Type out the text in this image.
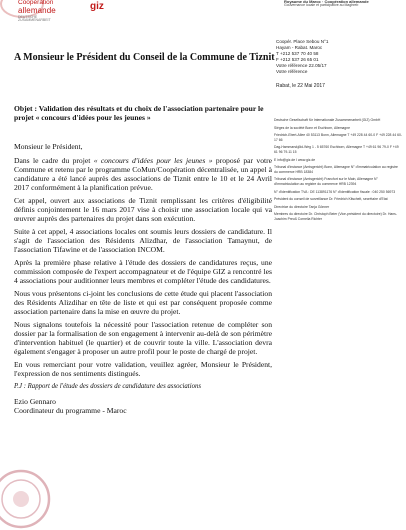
Coopération
allemande
DEUTSCHE ZUSAMMENARBEIT
giz	Royaume du Maroc · Coopération allemande
Gouvernance locale et participative au Maghreb
A Monsieur le Président du Conseil de la Commune de Tiznit
Coopér. Place Sebou N°1
Hayam - Rabat. Maroc
T +212 537 70 40 58
F +212 537 26 65 01
Votre référence 22.05/17
Votre référence
Rabat, le 22 Mai 2017
Objet : Validation des résultats et du choix de l'association partenaire pour le projet « concours d'idées pour les jeunes »

Monsieur le Président,

Dans le cadre du projet « concours d'idées pour les jeunes » proposé par votre Commune et retenu par le programme CoMun/Coopération décentralisée, un appel à candidature a été lancé auprès des associations de Tiznit entre le 10 et le 24 Avril 2017 conformément à la planification prévue.

Cet appel, ouvert aux associations de Tiznit remplissant les critères d'éligibilité définis conjointement le 16 mars 2017 vise à choisir une association locale qui va œuvrer auprès des partenaires du projet dans son exécution.

Suite à cet appel, 4 associations locales ont soumis leurs dossiers de candidature. Il s'agit de l'association des Résidents Alizdhar, de l'association Tamaynut, de l'association Tifawine et de l'association INCOM.

Après la première phase relative à l'étude des dossiers de candidatures reçus, une commission composée de l'expert accompagnateur et de l'équipe GIZ a rencontré les 4 associations pour auditionner leurs membres et compléter l'étude des candidatures.

Nous vous présentons ci-joint les conclusions de cette étude qui placent l'association des Résidents Alizdihar en tête de liste et qui est par conséquent proposée comme association partenaire dans la mise en œuvre du projet.

Nous signalons toutefois la nécessité pour l'association retenue de compléter son dossier par la formalisation de son engagement à intervenir au-delà de son périmètre d'intervention habituel (le quartier) et de couvrir toute la ville. L'association devra également s'engager à proposer un autre profil pour le poste de chargé de projet.

En vous remerciant pour votre validation, veuillez agréer, Monsieur le Président, l'expression de nos sentiments distingués.

P.J : Rapport de l'étude des dossiers de candidature des associations

Ezio Gennaro

Coordinateur du programme - Maroc

Deutsche Gesellschaft für Internationale Zusammenarbeit (GIZ) GmbH
Sièges de la société Bonn et Eschborn, Allemagne
Friedrich-Ebert-Allee 40 53113 Bonn, Allemagne T +49 228 44 60-0 F +49 228 44 60-17 66
Dag-Hammarskjöld-Weg 1 - 5 65760 Eschborn, Allemagne T +49 61 96 79-0 F +49 61 96 79-11 15
E info@giz.de I www.giz.de
Tribunal d'instance (Amtsgericht) Bonn, Allemagne N° d'immatriculation au registre du commerce HRB 18384
Tribunal d'instance (Amtsgericht) Francfort sur le Main, Allemagne N° d'immatriculation au registre du commerce HRB 12394
N° d'identification TVA : DE 113891176 N° d'identification fiscale : 040 250 56973
Président du conseil de surveillance Dr. Friedrich Kitschelt, secrétaire d'Etat
Directrice du directoire Tanja Gönner
Membres du directoire Dr. Christoph Beier (Vice-président du directoire) Dr. Hans-Joachim Preuß Cornelia Richter
